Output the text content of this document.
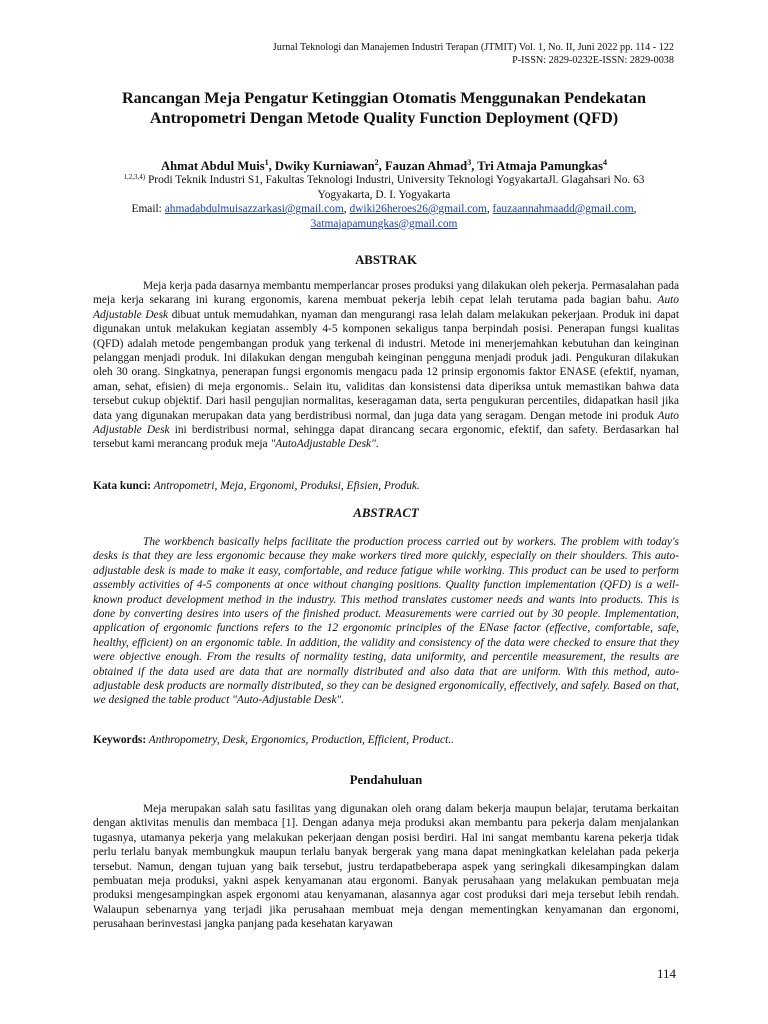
Jurnal Teknologi dan Manajemen Industri Terapan (JTMIT) Vol. 1, No. II, Juni 2022 pp. 114 - 122
P-ISSN: 2829-0232E-ISSN: 2829-0038
Rancangan Meja Pengatur Ketinggian Otomatis Menggunakan Pendekatan
Antropometri Dengan Metode Quality Function Deployment (QFD)
Ahmat Abdul Muis$^1$, Dwiky Kurniawan$^2$, Fauzan Ahmad$^3$, Tri Atmaja Pamungkas$^4$
$^{1,2,3,4)}$ Prodi Teknik Industri S1, Fakultas Teknologi Industri, University Teknologi YogyakartaJl. Glagahsari No. 63
Yogyakarta, D. I. Yogyakarta
Email: ahmadabdulmuisazzarkasi@gmail.com, dwiki26heroes26@gmail.com, fauzaannahmaadd@gmail.com,
3atmajapamungkas@gmail.com
ABSTRAK

Meja kerja pada dasarnya membantu memperlancar proses produksi yang dilakukan oleh pekerja. Permasalahan pada meja kerja sekarang ini kurang ergonomis, karena membuat pekerja lebih cepat lelah terutama pada bagian bahu. Auto Adjustable Desk dibuat untuk memudahkan, nyaman dan mengurangi rasa lelah dalam melakukan pekerjaan. Produk ini dapat digunakan untuk melakukan kegiatan assembly 4-5 komponen sekaligus tanpa berpindah posisi. Penerapan fungsi kualitas (QFD) adalah metode pengembangan produk yang terkenal di industri. Metode ini menerjemahkan kebutuhan dan keinginan pelanggan menjadi produk. Ini dilakukan dengan mengubah keinginan pengguna menjadi produk jadi. Pengukuran dilakukan oleh 30 orang. Singkatnya, penerapan fungsi ergonomis mengacu pada 12 prinsip ergonomis faktor ENASE (efektif, nyaman, aman, sehat, efisien) di meja ergonomis.. Selain itu, validitas dan konsistensi data diperiksa untuk memastikan bahwa data tersebut cukup objektif. Dari hasil pengujian normalitas, keseragaman data, serta pengukuran percentiles, didapatkan hasil jika data yang digunakan merupakan data yang berdistribusi normal, dan juga data yang seragam. Dengan metode ini produk Auto Adjustable Desk ini berdistribusi normal, sehingga dapat dirancang secara ergonomic, efektif, dan safety. Berdasarkan hal tersebut kami merancang produk meja "AutoAdjustable Desk".

Kata kunci: Antropometri, Meja, Ergonomi, Produksi, Efisien, Produk.
ABSTRACT

The workbench basically helps facilitate the production process carried out by workers. The problem with today's desks is that they are less ergonomic because they make workers tired more quickly, especially on their shoulders. This auto-adjustable desk is made to make it easy, comfortable, and reduce fatigue while working. This product can be used to perform assembly activities of 4-5 components at once without changing positions. Quality function implementation (QFD) is a well-known product development method in the industry. This method translates customer needs and wants into products. This is done by converting desires into users of the finished product. Measurements were carried out by 30 people. Implementation, application of ergonomic functions refers to the 12 ergonomic principles of the ENase factor (effective, comfortable, safe, healthy, efficient) on an ergonomic table. In addition, the validity and consistency of the data were checked to ensure that they were objective enough. From the results of normality testing, data uniformity, and percentile measurement, the results are obtained if the data used are data that are normally distributed and also data that are uniform. With this method, auto-adjustable desk products are normally distributed, so they can be designed ergonomically, effectively, and safely. Based on that, we designed the table product "Auto-Adjustable Desk".

Keywords: Anthropometry, Desk, Ergonomics, Production, Efficient, Product..
Pendahuluan

Meja merupakan salah satu fasilitas yang digunakan oleh orang dalam bekerja maupun belajar, terutama berkaitan dengan aktivitas menulis dan membaca [1]. Dengan adanya meja produksi akan membantu para pekerja dalam menjalankan tugasnya, utamanya pekerja yang melakukan pekerjaan dengan posisi berdiri. Hal ini sangat membantu karena pekerja tidak perlu terlalu banyak membungkuk maupun terlalu banyak bergerak yang mana dapat meningkatkan kelelahan pada pekerja tersebut. Namun, dengan tujuan yang baik tersebut, justru terdapatbeberapa aspek yang seringkali dikesampingkan dalam pembuatan meja produksi, yakni aspek kenyamanan atau ergonomi. Banyak perusahaan yang melakukan pembuatan meja produksi mengesampingkan aspek ergonomi atau kenyamanan, alasannya agar cost produksi dari meja tersebut lebih rendah. Walaupun sebenarnya yang terjadi jika perusahaan membuat meja dengan mementingkan kenyamanan dan ergonomi, perusahaan berinvestasi jangka panjang pada kesehatan karyawan

114
